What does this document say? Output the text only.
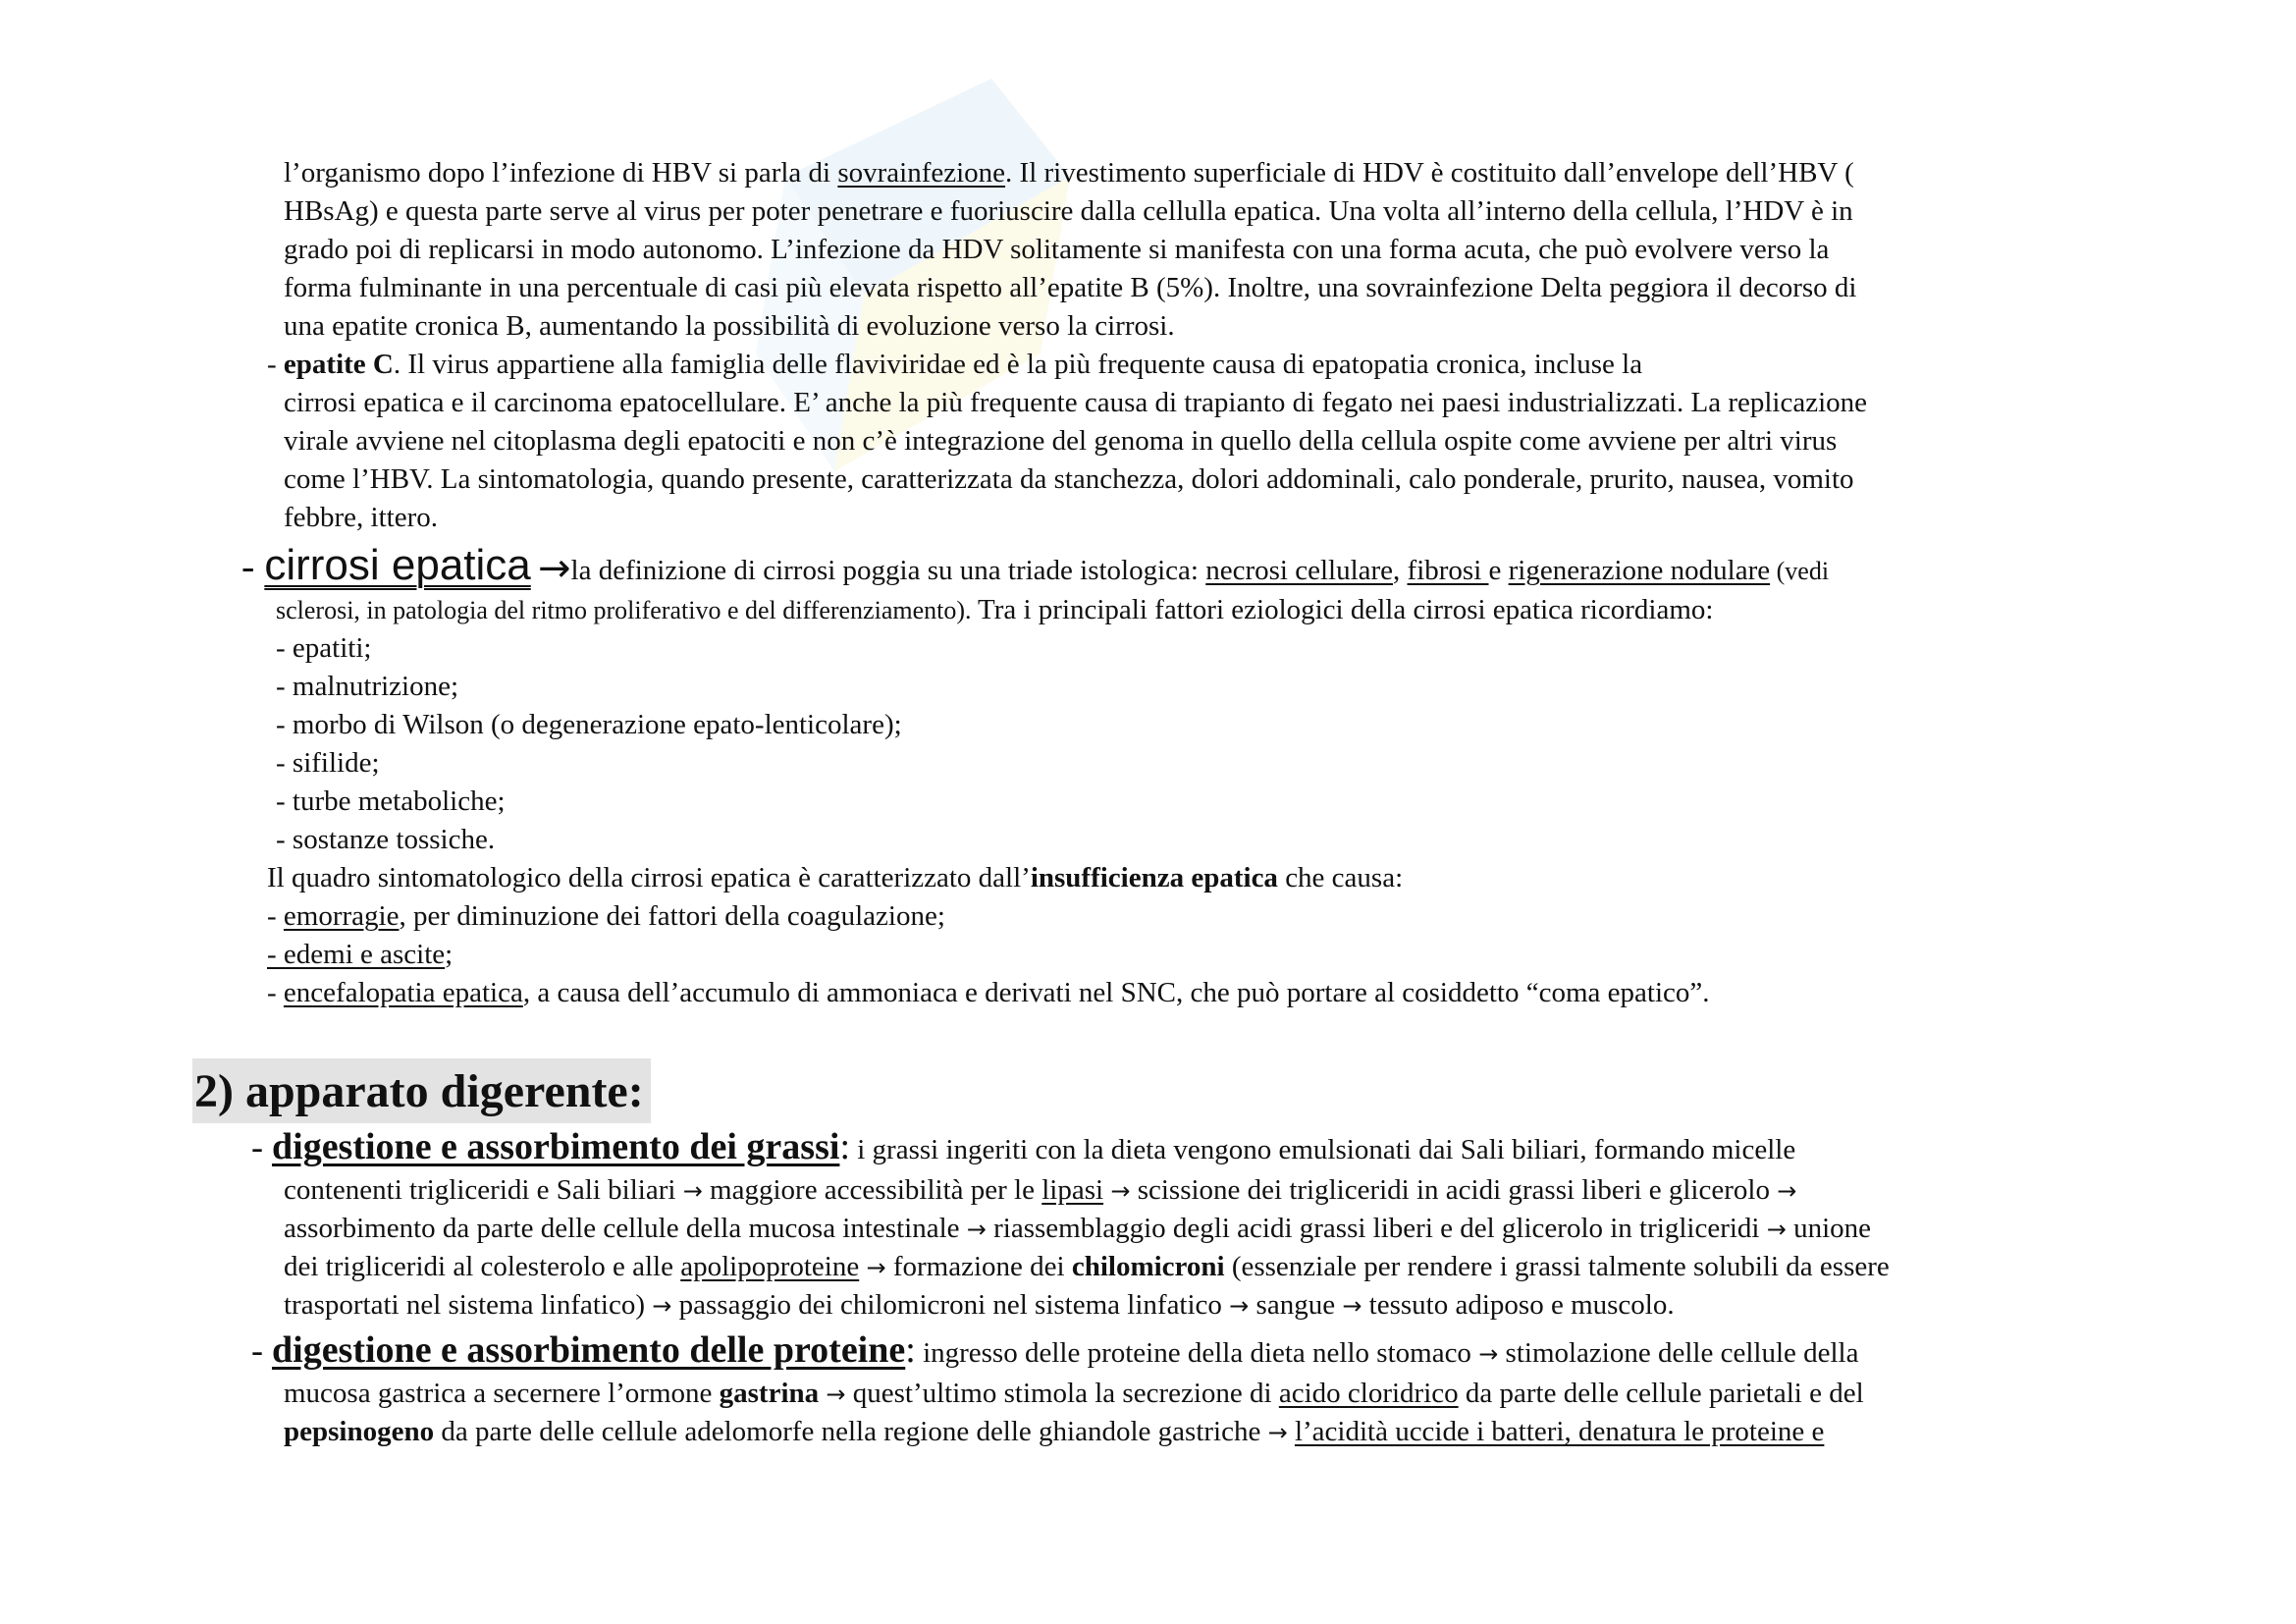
l’organismo dopo l’infezione di HBV si parla di sovrainfezione. Il rivestimento superficiale di HDV è costituito dall’envelope dell’HBV (
HBsAg) e questa parte serve al virus per poter penetrare e fuoriuscire dalla cellulla epatica. Una volta all’interno della cellula, l’HDV è in
grado poi di replicarsi in modo autonomo. L’infezione da HDV solitamente si manifesta con una forma acuta, che può evolvere verso la
forma fulminante in una percentuale di casi più elevata rispetto all’epatite B (5%). Inoltre, una sovrainfezione Delta peggiora il decorso di
una epatite cronica B, aumentando la possibilità di evoluzione verso la cirrosi.
- epatite C. Il virus appartiene alla famiglia delle flaviviridae ed è la più frequente causa di epatopatia cronica, incluse la
cirrosi epatica e il carcinoma epatocellulare. E’ anche la più frequente causa di trapianto di fegato nei paesi industrializzati. La replicazione
virale avviene nel citoplasma degli epatociti e non c’è integrazione del genoma in quello della cellula ospite come avviene per altri virus
come l’HBV. La sintomatologia, quando presente, caratterizzata da stanchezza, dolori addominali, calo ponderale, prurito, nausea, vomito
febbre, ittero.
- cirrosi epatica →la definizione di cirrosi poggia su una triade istologica: necrosi cellulare, fibrosi e rigenerazione nodulare (vedi
sclerosi, in patologia del ritmo proliferativo e del differenziamento). Tra i principali fattori eziologici della cirrosi epatica ricordiamo:
- epatiti;
- malnutrizione;
- morbo di Wilson (o degenerazione epato-lenticolare);
- sifilide;
- turbe metaboliche;
- sostanze tossiche.
Il quadro sintomatologico della cirrosi epatica è caratterizzato dall’insufficienza epatica che causa:
- emorragie, per diminuzione dei fattori della coagulazione;
- edemi e ascite;
- encefalopatia epatica, a causa dell’accumulo di ammoniaca e derivati nel SNC, che può portare al cosiddetto “coma epatico”.
2) apparato digerente:
- digestione e assorbimento dei grassi: i grassi ingeriti con la dieta vengono emulsionati dai Sali biliari, formando micelle
contenenti trigliceridi e Sali biliari → maggiore accessibilità per le lipasi → scissione dei trigliceridi in acidi grassi liberi e glicerolo →
assorbimento da parte delle cellule della mucosa intestinale → riassemblaggio degli acidi grassi liberi e del glicerolo in trigliceridi → unione
dei trigliceridi al colesterolo e alle apolipoproteine → formazione dei chilomicroni (essenziale per rendere i grassi talmente solubili da essere
trasportati nel sistema linfatico) → passaggio dei chilomicroni nel sistema linfatico → sangue → tessuto adiposo e muscolo.
- digestione e assorbimento delle proteine: ingresso delle proteine della dieta nello stomaco → stimolazione delle cellule della
mucosa gastrica a secernere l’ormone gastrina → quest’ultimo stimola la secrezione di acido cloridrico da parte delle cellule parietali e del
pepsinogeno da parte delle cellule adelomorfe nella regione delle ghiandole gastriche → l’acidità uccide i batteri, denatura le proteine e
